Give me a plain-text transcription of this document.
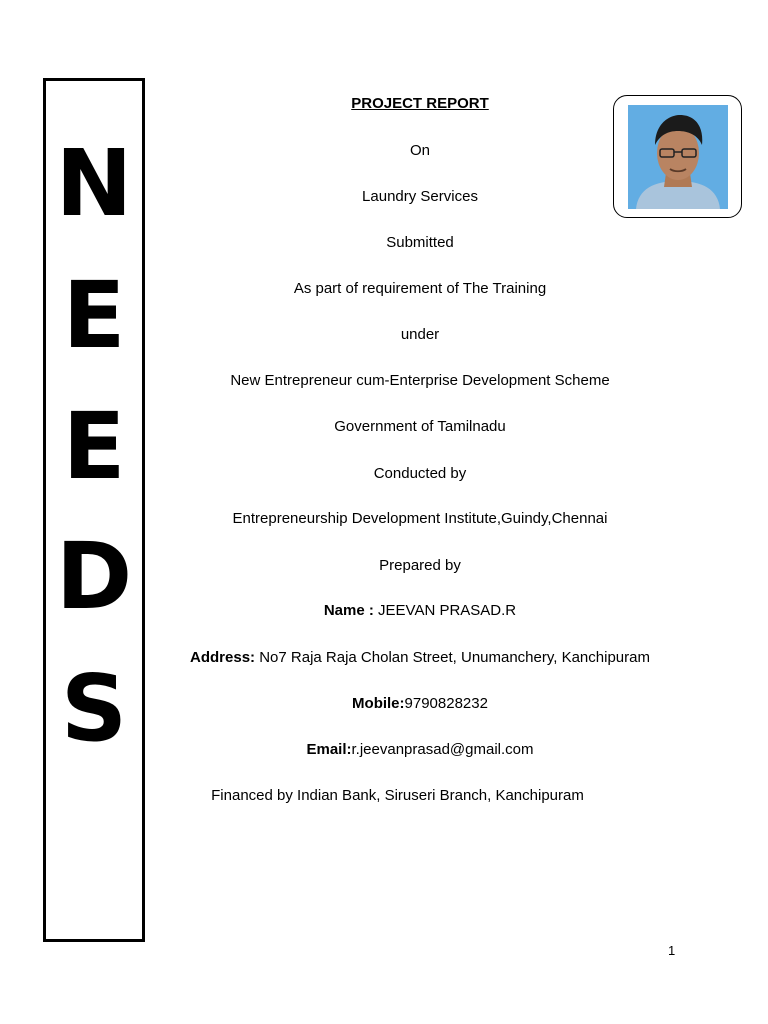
N
E
E
D
S
PROJECT REPORT
On
Laundry Services
Submitted
As part of requirement of The Training
under
New Entrepreneur cum-Enterprise Development Scheme
Government of Tamilnadu
Conducted by
Entrepreneurship Development Institute,Guindy,Chennai
Prepared by
Name : JEEVAN PRASAD.R
Address: No7 Raja Raja Cholan Street, Unumanchery, Kanchipuram
Mobile:9790828232
Email:r.jeevanprasad@gmail.com
Financed by Indian Bank, Siruseri Branch, Kanchipuram
1
